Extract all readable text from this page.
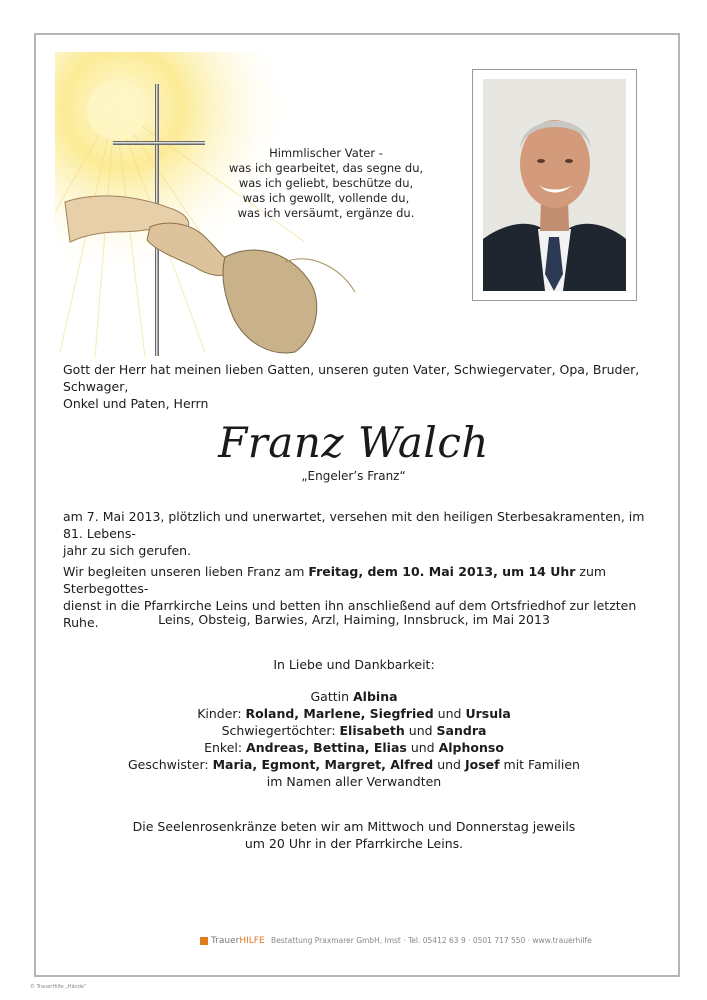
Himmlischer Vater -
was ich gearbeitet, das segne du,
was ich geliebt, beschütze du,
was ich gewollt, vollende du,
was ich versäumt, ergänze du.
Gott der Herr hat meinen lieben Gatten, unseren guten Vater, Schwiegervater, Opa, Bruder, Schwager,
Onkel und Paten, Herrn
Franz Walch
„Engeler’s Franz“
am 7. Mai 2013, plötzlich und unerwartet, versehen mit den heiligen Sterbesakramenten, im 81. Lebens-
jahr zu sich gerufen.
Wir begleiten unseren lieben Franz am Freitag, dem 10. Mai 2013, um 14 Uhr zum Sterbegottes-
dienst in die Pfarrkirche Leins und betten ihn anschließend auf dem Ortsfriedhof zur letzten Ruhe.	Leins, Obsteig, Barwies, Arzl, Haiming, Innsbruck, im Mai 2013
In Liebe und Dankbarkeit:
Gattin Albina
Kinder: Roland, Marlene, Siegfried und Ursula
Schwiegertöchter: Elisabeth und Sandra
Enkel: Andreas, Bettina, Elias und Alphonso
Geschwister: Maria, Egmont, Margret, Alfred und Josef mit Familien
im Namen aller Verwandten
Die Seelenrosenkränze beten wir am Mittwoch und Donnerstag jeweils
um 20 Uhr in der Pfarrkirche Leins.
TrauerHILFE Bestattung Praxmarer GmbH, Imst · Tel. 05412 63 9 · 0501 717 550 · www.trauerhilfe
© TrauerHilfe „Hände“
